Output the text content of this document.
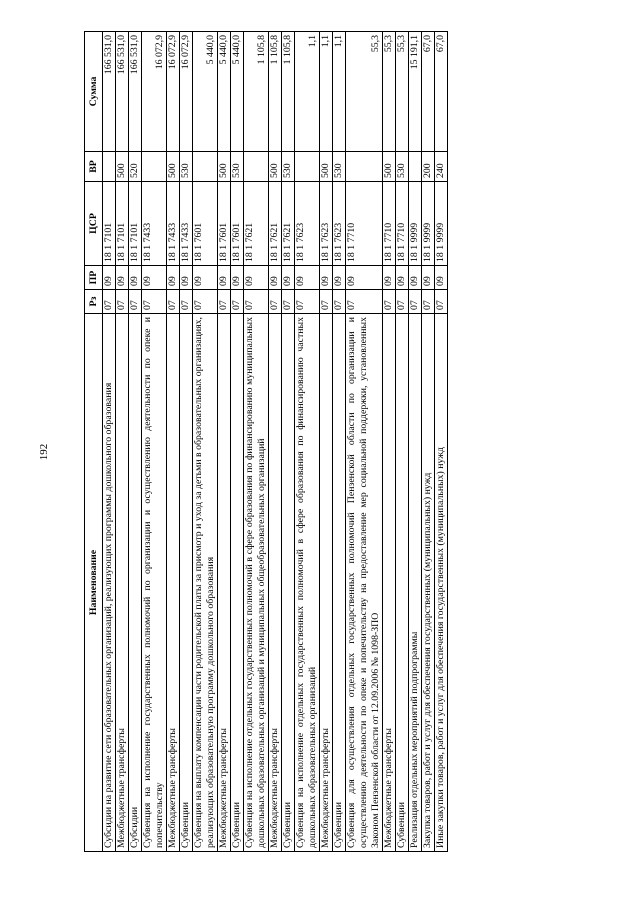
192
Наименование	Рз	ПР	ЦСР	ВР	Сумма
Субсидии на развитие сети образовательных организаций, реализующих программы дошкольного образования	07	09	18 1 7101		166 531,0
Межбюджетные трансферты	07	09	18 1 7101	500	166 531,0
Субсидии	07	09	18 1 7101	520	166 531,0
Субвенция на исполнение государственных полномочий по организации и осуществлению деятельности по опеке и попечительству	07	09	18 1 7433		16 072,9
Межбюджетные трансферты	07	09	18 1 7433	500	16 072,9
Субвенции	07	09	18 1 7433	530	16 072,9
Субвенция на выплату компенсации части родительской платы за присмотр и уход за детьми в образовательных организациях, реализующих образовательную программу дошкольного образования	07	09	18 1 7601		5 440,0
Межбюджетные трансферты	07	09	18 1 7601	500	5 440,0
Субвенции	07	09	18 1 7601	530	5 440,0
Субвенция на исполнение отдельных государственных полномочий в сфере образования по финансированию муниципальных дошкольных образовательных организаций и муниципальных общеобразовательных организаций	07	09	18 1 7621		1 105,8
Межбюджетные трансферты	07	09	18 1 7621	500	1 105,8
Субвенции	07	09	18 1 7621	530	1 105,8
Субвенция на исполнение отдельных государственных полномочий в сфере образования по финансированию частных дошкольных образовательных организаций	07	09	18 1 7623		1,1
Межбюджетные трансферты	07	09	18 1 7623	500	1,1
Субвенции	07	09	18 1 7623	530	1,1
Субвенция для осуществления отдельных государственных полномочий Пензенской области по организации и осуществлению деятельности по опеке и попечительству на предоставление мер социальной поддержки, установленных Законом Пензенской области от 12.09.2006 № 1098-ЗПО	07	09	18 1 7710		55,3
Межбюджетные трансферты	07	09	18 1 7710	500	55,3
Субвенции	07	09	18 1 7710	530	55,3
Реализация отдельных мероприятий подпрограммы	07	09	18 1 9999		15 191,1
Закупка товаров, работ и услуг для обеспечения государственных (муниципальных) нужд	07	09	18 1 9999	200	67,0
Иные закупки товаров, работ и услуг для обеспечения государственных (муниципальных) нужд	07	09	18 1 9999	240	67,0
